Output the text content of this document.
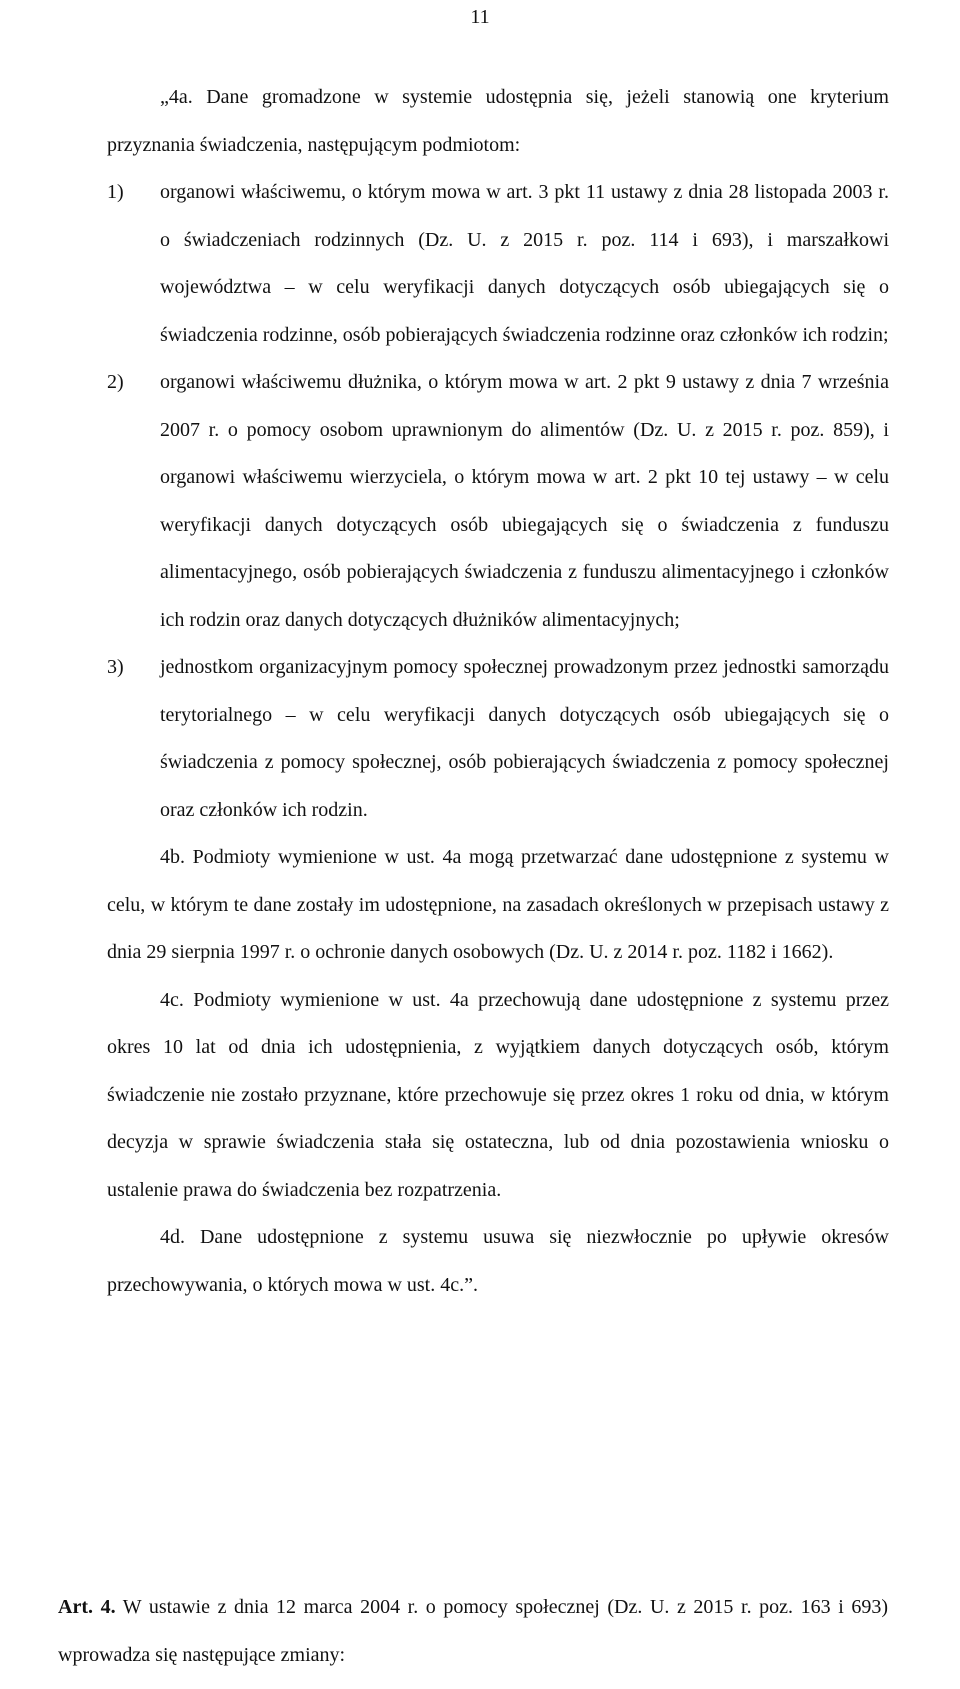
11

„4a. Dane gromadzone w systemie udostępnia się, jeżeli stanowią one kryterium przyznania świadczenia, następującym podmiotom:

1) organowi właściwemu, o którym mowa w art. 3 pkt 11 ustawy z dnia 28 listopada 2003 r. o świadczeniach rodzinnych (Dz. U. z 2015 r. poz. 114 i 693), i marszałkowi województwa – w celu weryfikacji danych dotyczących osób ubiegających się o świadczenia rodzinne, osób pobierających świadczenia rodzinne oraz członków ich rodzin;
2) organowi właściwemu dłużnika, o którym mowa w art. 2 pkt 9 ustawy z dnia 7 września 2007 r. o pomocy osobom uprawnionym do alimentów (Dz. U. z 2015 r. poz. 859), i organowi właściwemu wierzyciela, o którym mowa w art. 2 pkt 10 tej ustawy – w celu weryfikacji danych dotyczących osób ubiegających się o świadczenia z funduszu alimentacyjnego, osób pobierających świadczenia z funduszu alimentacyjnego i członków ich rodzin oraz danych dotyczących dłużników alimentacyjnych;
3) jednostkom organizacyjnym pomocy społecznej prowadzonym przez jednostki samorządu terytorialnego – w celu weryfikacji danych dotyczących osób ubiegających się o świadczenia z pomocy społecznej, osób pobierających świadczenia z pomocy społecznej oraz członków ich rodzin.

4b. Podmioty wymienione w ust. 4a mogą przetwarzać dane udostępnione z systemu w celu, w którym te dane zostały im udostępnione, na zasadach określonych w przepisach ustawy z dnia 29 sierpnia 1997 r. o ochronie danych osobowych (Dz. U. z 2014 r. poz. 1182 i 1662).

4c. Podmioty wymienione w ust. 4a przechowują dane udostępnione z systemu przez okres 10 lat od dnia ich udostępnienia, z wyjątkiem danych dotyczących osób, którym świadczenie nie zostało przyznane, które przechowuje się przez okres 1 roku od dnia, w którym decyzja w sprawie świadczenia stała się ostateczna, lub od dnia pozostawienia wniosku o ustalenie prawa do świadczenia bez rozpatrzenia.

4d. Dane udostępnione z systemu usuwa się niezwłocznie po upływie okresów przechowywania, o których mowa w ust. 4c.”.

Art. 4. W ustawie z dnia 12 marca 2004 r. o pomocy społecznej (Dz. U. z 2015 r. poz. 163 i 693) wprowadza się następujące zmiany:
